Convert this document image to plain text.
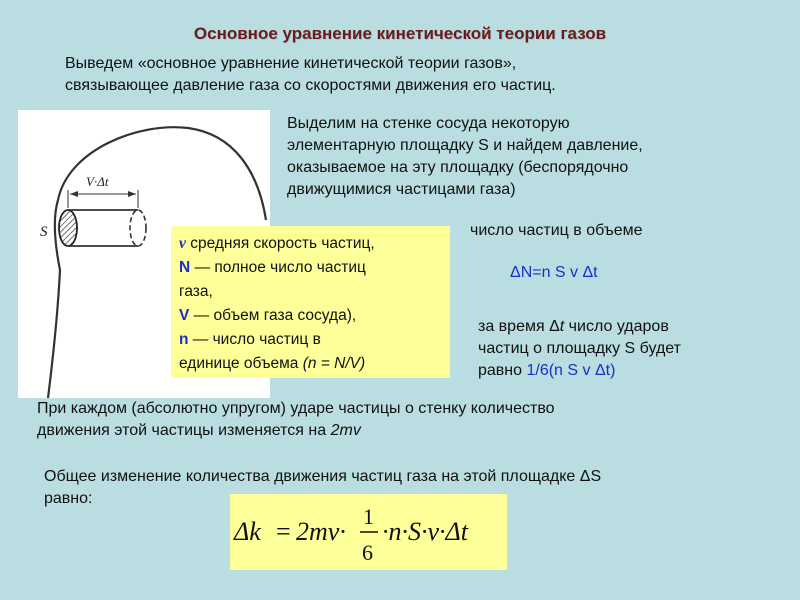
Основное уравнение кинетической теории газов
Выведем «основное уравнение кинетической теории газов»,
связывающее давление газа со скоростями движения его частиц.
V·Δt
S
Выделим на стенке сосуда некоторую
элементарную площадку S и найдем давление,
оказываемое на эту площадку (беспорядочно
движущимися частицами газа)
число частиц в объеме
ΔN=n S v Δt
v средняя скорость частиц,
N — полное число частиц
газа,
V — объем газа сосуда),
n — число частиц в
единице объема (n = N/V)
за время Δt число ударов
частиц о площадку S будет
равно 1/6(n S v Δt)
При каждом (абсолютно упругом) ударе частицы о стенку количество
движения этой частицы изменяется на 2mv
Общее изменение количества движения частиц газа на этой площадке ΔS
равно:
Δk = 2mv·
1
6
·n·S·v·Δt
